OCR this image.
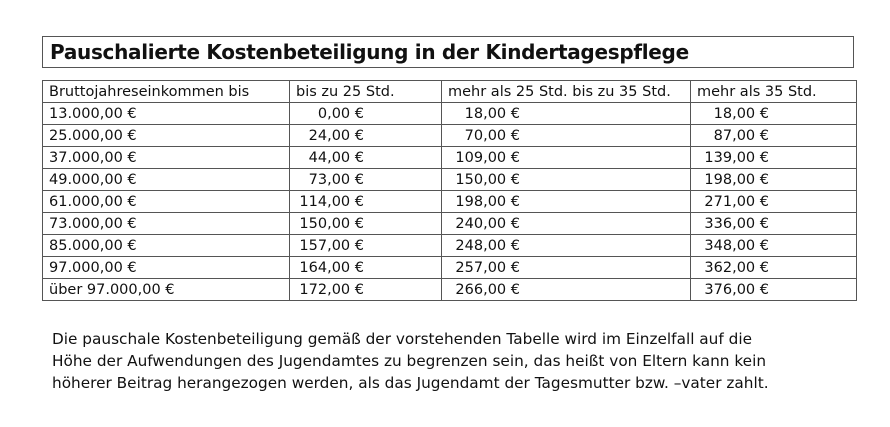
Pauschalierte Kostenbeteiligung in der Kindertagespflege
Bruttojahreseinkommen bis	bis zu 25 Std.	mehr als 25 Std. bis zu 35 Std.	mehr als 35 Std.
13.000,00 €	0,00 €	18,00 €	18,00 €
25.000,00 €	24,00 €	70,00 €	87,00 €
37.000,00 €	44,00 €	109,00 €	139,00 €
49.000,00 €	73,00 €	150,00 €	198,00 €
61.000,00 €	114,00 €	198,00 €	271,00 €
73.000,00 €	150,00 €	240,00 €	336,00 €
85.000,00 €	157,00 €	248,00 €	348,00 €
97.000,00 €	164,00 €	257,00 €	362,00 €
über 97.000,00 €	172,00 €	266,00 €	376,00 €
Die pauschale Kostenbeteiligung gemäß der vorstehenden Tabelle wird im Einzelfall auf die
Höhe der Aufwendungen des Jugendamtes zu begrenzen sein, das heißt von Eltern kann kein
höherer Beitrag herangezogen werden, als das Jugendamt der Tagesmutter bzw. –vater zahlt.
